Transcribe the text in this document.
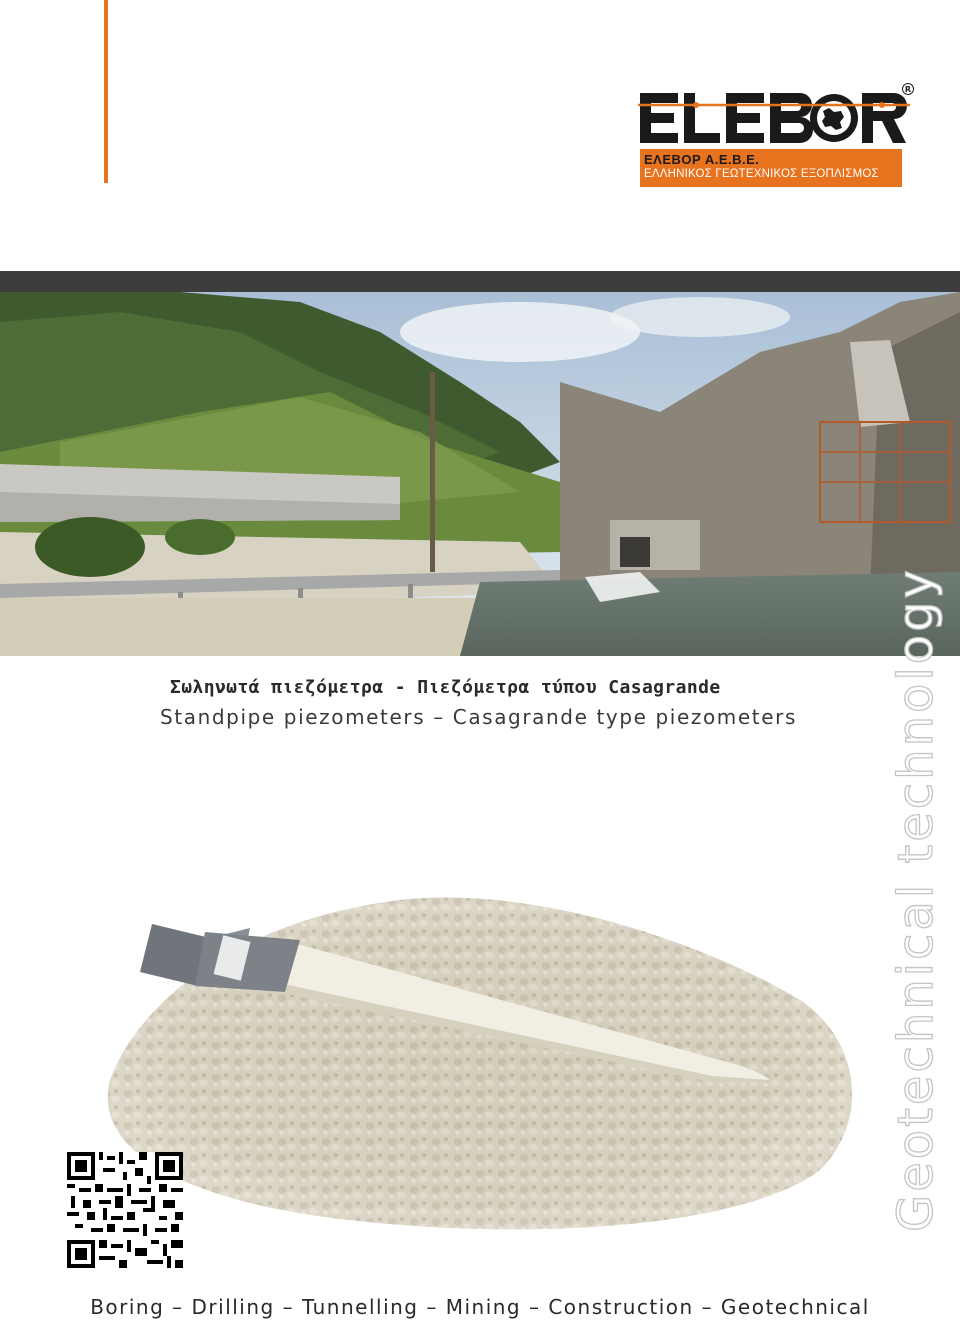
R
ΕΛΕΒΟΡ Α.Ε.Β.Ε.
ΕΛΛΗΝΙΚΟΣ ΓΕΩΤΕΧΝΙΚΟΣ ΕΞΟΠΛΙΣΜΟΣ
Σωληνωτά πιεζόμετρα - Πιεζόμετρα τύπου Casagrande
Standpipe piezometers – Casagrande type piezometers Geotechnical technology
Boring – Drilling – Tunnelling – Mining – Construction – Geotechnical
